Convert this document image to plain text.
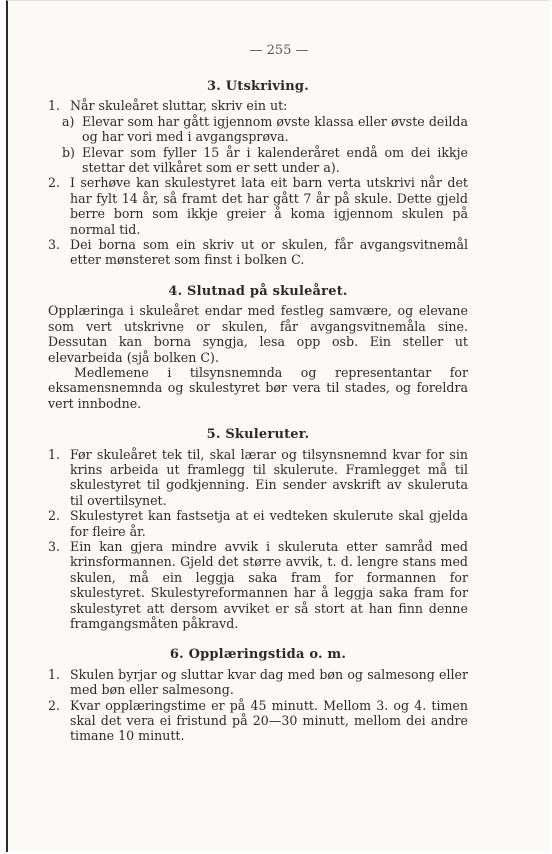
— 255 —
3. Utskriving.
1. Når skuleåret sluttar, skriv ein ut:
a) Elevar som har gått igjennom øvste klassa eller øvste deilda og har vori med i avgangsprøva.
b) Elevar som fyller 15 år i kalenderåret endå om dei ikkje stettar det vilkåret som er sett under a).
2. I serhøve kan skulestyret lata eit barn verta utskrivi når det har fylt 14 år, så framt det har gått 7 år på skule. Dette gjeld berre born som ikkje greier å koma igjennom skulen på normal tid.
3. Dei borna som ein skriv ut or skulen, får avgangsvitnemål etter mønsteret som finst i bolken C.
4. Slutnad på skuleåret.
Opplæringa i skuleåret endar med festleg samvære, og elevane som vert utskrivne or skulen, får avgangsvitnemåla sine. Dessutan kan borna syngja, lesa opp osb. Ein steller ut elevarbeida (sjå bolken C).
Medlemene i tilsynsnemnda og representantar for eksamensnemnda og skulestyret bør vera til stades, og foreldra vert innbodne.
5. Skuleruter.
1. Før skuleåret tek til, skal lærar og tilsynsnemnd kvar for sin krins arbeida ut framlegg til skulerute. Framlegget må til skulestyret til godkjenning. Ein sender avskrift av skuleruta til overtilsynet.
2. Skulestyret kan fastsetja at ei vedteken skulerute skal gjelda for fleire år.
3. Ein kan gjera mindre avvik i skuleruta etter samråd med krinsformannen. Gjeld det større avvik, t. d. lengre stans med skulen, må ein leggja saka fram for formannen for skulestyret. Skulestyreformannen har å leggja saka fram for skulestyret att dersom avviket er så stort at han finn denne framgangsmåten påkravd.
6. Opplæringstida o. m.
1. Skulen byrjar og sluttar kvar dag med bøn og salmesong eller med bøn eller salmesong.
2. Kvar opplæringstime er på 45 minutt. Mellom 3. og 4. timen skal det vera ei fristund på 20—30 minutt, mellom dei andre timane 10 minutt.
